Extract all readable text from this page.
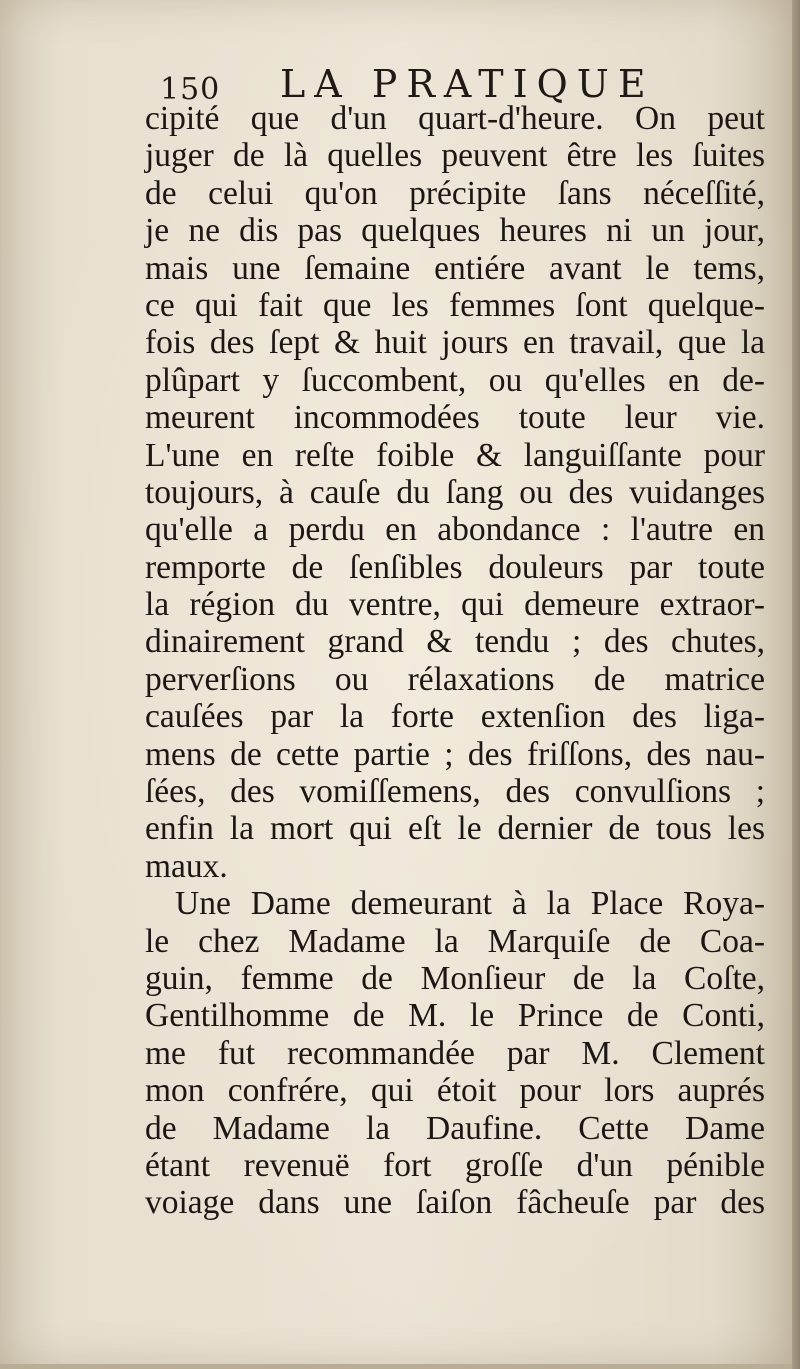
150 LA PRATIQUE
cipité que d'un quart-d'heure. On peut
juger de là quelles peuvent être les ſuites
de celui qu'on précipite ſans néceſſité,
je ne dis pas quelques heures ni un jour,
mais une ſemaine entiére avant le tems,
ce qui fait que les femmes ſont quelque-
fois des ſept & huit jours en travail, que la
plûpart y ſuccombent, ou qu'elles en de-
meurent incommodées toute leur vie.
L'une en reſte foible & languiſſante pour
toujours, à cauſe du ſang ou des vuidanges
qu'elle a perdu en abondance : l'autre en
remporte de ſenſibles douleurs par toute
la région du ventre, qui demeure extraor-
dinairement grand & tendu ; des chutes,
perverſions ou rélaxations de matrice
cauſées par la forte extenſion des liga-
mens de cette partie ; des friſſons, des nau-
ſées, des vomiſſemens, des convulſions ;
enfin la mort qui eſt le dernier de tous les
maux.
Une Dame demeurant à la Place Roya-
le chez Madame la Marquiſe de Coa-
guin, femme de Monſieur de la Coſte,
Gentilhomme de M. le Prince de Conti,
me fut recommandée par M. Clement
mon confrére, qui étoit pour lors auprés
de Madame la Daufine. Cette Dame
étant revenuë fort groſſe d'un pénible
voiage dans une ſaiſon fâcheuſe par des
